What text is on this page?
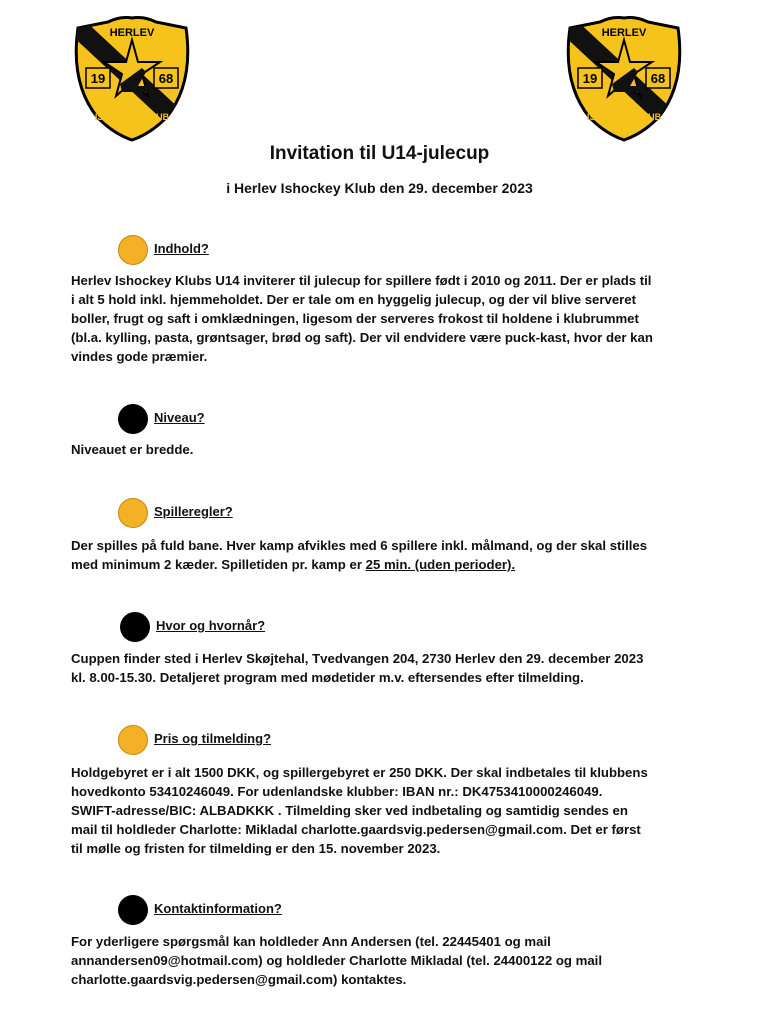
HERLEV
19	68
ISHOCKEY KLUB
HERLEV
19	68
ISHOCKEY KLUB
Invitation til U14-julecup
i Herlev Ishockey Klub den 29. december 2023
Indhold?
Herlev Ishockey Klubs U14 inviterer til julecup for spillere født i 2010 og 2011. Der er plads til
i alt 5 hold inkl. hjemmeholdet. Der er tale om en hyggelig julecup, og der vil blive serveret
boller, frugt og saft i omklædningen, ligesom der serveres frokost til holdene i klubrummet
(bl.a. kylling, pasta, grøntsager, brød og saft). Der vil endvidere være puck-kast, hvor der kan
vindes gode præmier.
Niveau?
Niveauet er bredde.
Spilleregler?
Der spilles på fuld bane. Hver kamp afvikles med 6 spillere inkl. målmand, og der skal stilles
med minimum 2 kæder. Spilletiden pr. kamp er 25 min. (uden perioder).
Hvor og hvornår?
Cuppen finder sted i Herlev Skøjtehal, Tvedvangen 204, 2730 Herlev den 29. december 2023
kl. 8.00-15.30. Detaljeret program med mødetider m.v. eftersendes efter tilmelding.
Pris og tilmelding?
Holdgebyret er i alt 1500 DKK, og spillergebyret er 250 DKK. Der skal indbetales til klubbens
hovedkonto 53410246049. For udenlandske klubber: IBAN nr.: DK4753410000246049.
SWIFT-adresse/BIC: ALBADKKK . Tilmelding sker ved indbetaling og samtidig sendes en
mail til holdleder Charlotte: Mikladal charlotte.gaardsvig.pedersen@gmail.com. Det er først
til mølle og fristen for tilmelding er den 15. november 2023.
Kontaktinformation?
For yderligere spørgsmål kan holdleder Ann Andersen (tel. 22445401 og mail
annandersen09@hotmail.com) og holdleder Charlotte Mikladal (tel. 24400122 og mail
charlotte.gaardsvig.pedersen@gmail.com) kontaktes.
